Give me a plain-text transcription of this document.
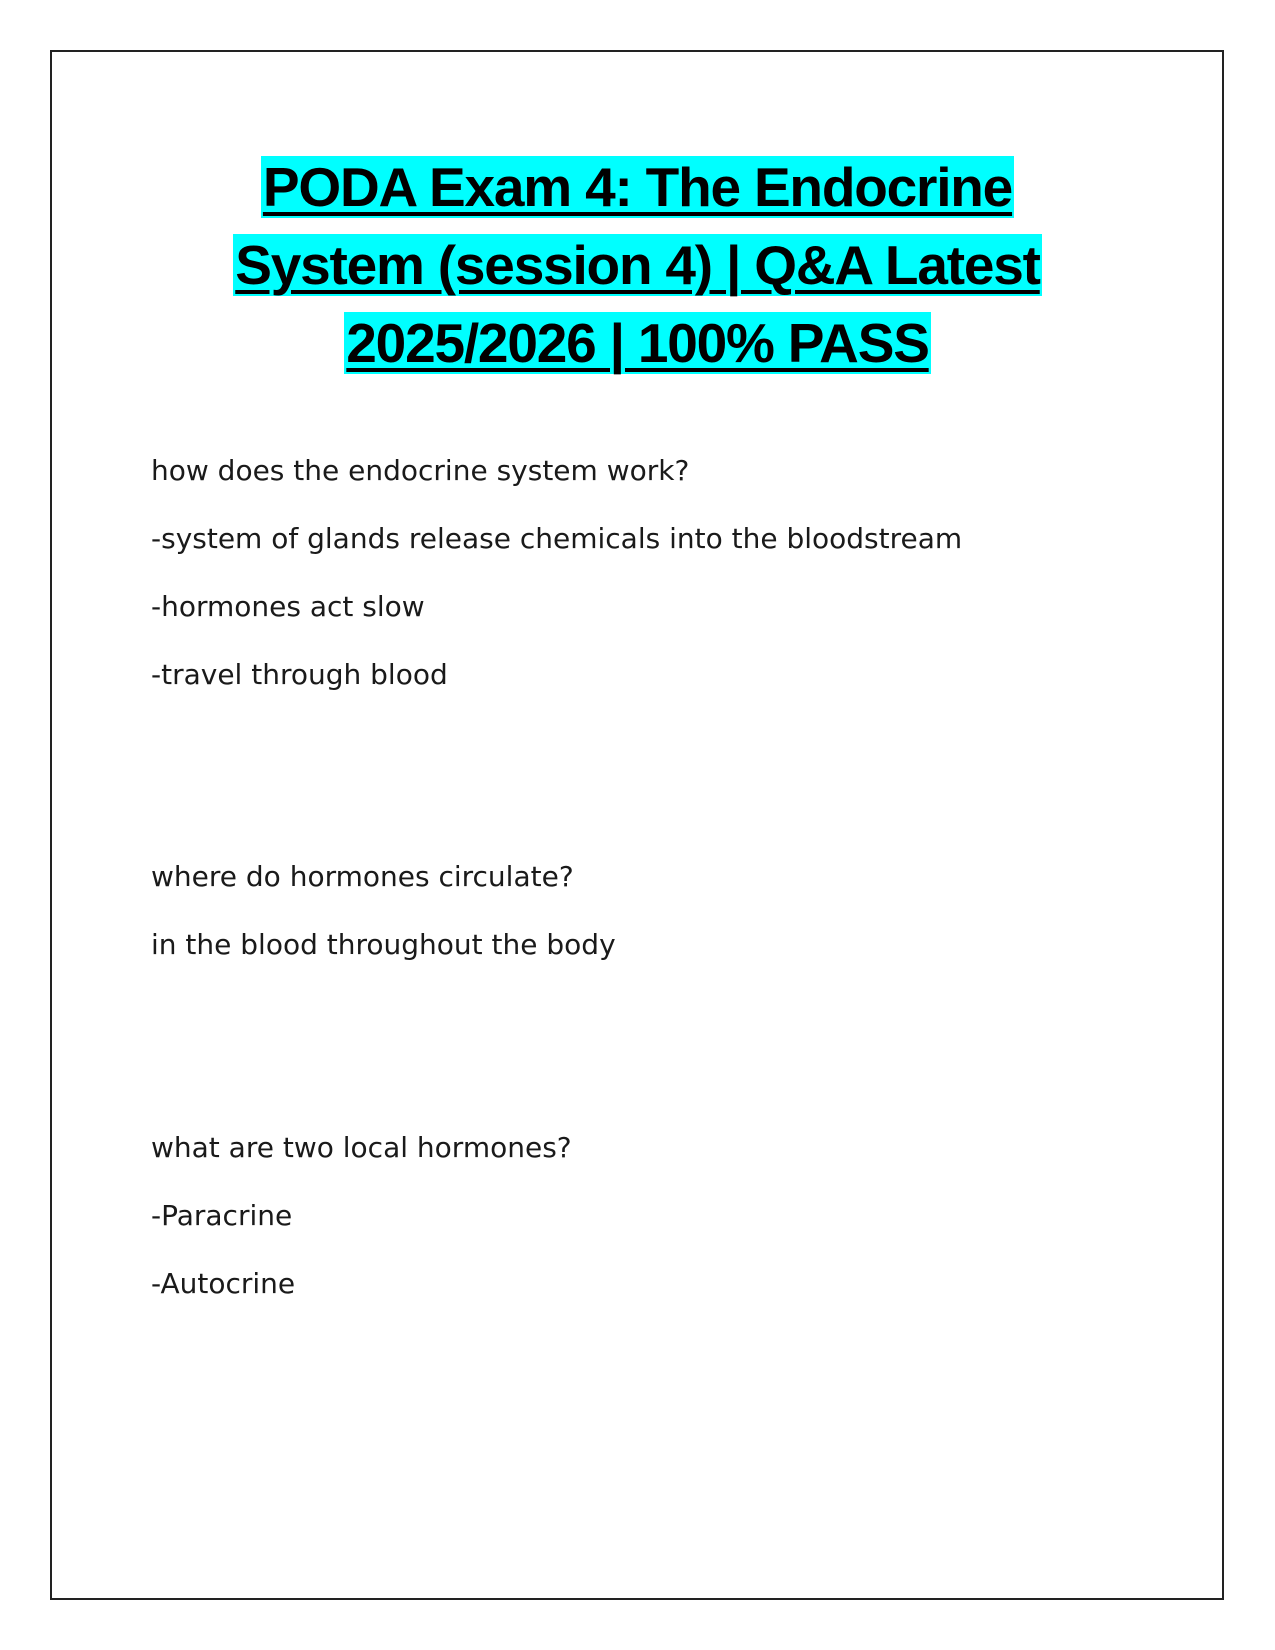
PODA Exam 4: The Endocrine
System (session 4) | Q&A Latest
2025/2026 | 100% PASS
how does the endocrine system work?
-system of glands release chemicals into the bloodstream
-hormones act slow
-travel through blood
where do hormones circulate?
in the blood throughout the body
what are two local hormones?
-Paracrine
-Autocrine
